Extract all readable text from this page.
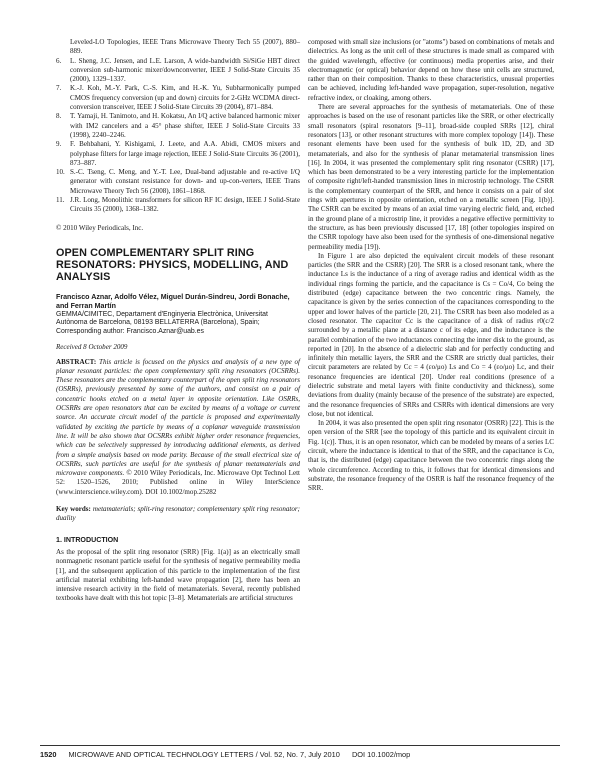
Leveled-LO Topologies, IEEE Trans Microwave Theory Tech 55 (2007), 880–889.
6. L. Sheng, J.C. Jensen, and L.E. Larson, A wide-bandwidth Si/SiGe HBT direct conversion sub-harmonic mixer/downconverter, IEEE J Solid-State Circuits 35 (2000), 1329–1337.
7. K.-J. Koh, M.-Y. Park, C.-S. Kim, and H.-K. Yu, Subharmonically pumped CMOS frequency conversion (up and down) circuits for 2-GHz WCDMA direct- conversion transceiver, IEEE J Solid-State Circuits 39 (2004), 871–884.
8. T. Yamaji, H. Tanimoto, and H. Kokatsu, An I/Q active balanced harmonic mixer with IM2 cancelers and a 45° phase shifter, IEEE J Solid-State Circuits 33 (1998), 2240–2246.
9. F. Behbahani, Y. Kishigami, J. Leete, and A.A. Abidi, CMOS mixers and polyphase filters for large image rejection, IEEE J Solid-State Circuits 36 (2001), 873–887.
10. S.-C. Tseng, C. Meng, and Y.-T. Lee, Dual-band adjustable and re-active I/Q generator with constant resistance for down- and up-con-verters, IEEE Trans Microwave Theory Tech 56 (2008), 1861–1868.
11. J.R. Long, Monolithic transformers for silicon RF IC design, IEEE J Solid-State Circuits 35 (2000), 1368–1382.

© 2010 Wiley Periodicals, Inc.

OPEN COMPLEMENTARY SPLIT RING RESONATORS: PHYSICS, MODELLING, AND ANALYSIS
Francisco Aznar, Adolfo Vélez, Miguel Durán-Sindreu, Jordi Bonache, and Ferran Martín
GEMMA/CIMITEC, Departament d'Enginyeria Electrònica, Universitat Autònoma de Barcelona, 08193 BELLATERRA (Barcelona), Spain; Corresponding author: Francisco.Aznar@uab.es
Received 8 October 2009

ABSTRACT: This article is focused on the physics and analysis of a new type of planar resonant particles: the open complementary split ring resonators (OCSRRs). These resonators are the complementary counterpart of the open split ring resonators (OSRRs), previously presented by some of the authors, and consist on a pair of concentric hooks etched on a metal layer in opposite orientation. Like OSRRs, OCSRRs are open resonators that can be excited by means of a voltage or current source. An accurate circuit model of the particle is proposed and experimentally validated by exciting the particle by means of a coplanar waveguide transmission line. It will be also shown that OCSRRs exhibit higher order resonance frequencies, which can be selectively suppressed by introducing additional elements, as derived from a simple analysis based on mode parity. Because of the small electrical size of OCSRRs, such particles are useful for the synthesis of planar metamaterials and microwave components. © 2010 Wiley Periodicals, Inc. Microwave Opt Technol Lett 52: 1520–1526, 2010; Published online in Wiley InterScience (www.interscience.wiley.com). DOI 10.1002/mop.25282

Key words: metamaterials; split-ring resonator; complementary split ring resonator; duality

1. INTRODUCTION

As the proposal of the split ring resonator (SRR) [Fig. 1(a)] as an electrically small nonmagnetic resonant particle useful for the synthesis of negative permeability media [1], and the subsequent application of this particle to the implementation of the first artificial material exhibiting left-handed wave propagation [2], there has been an intensive research activity in the field of metamaterials. Several, recently published textbooks have dealt with this hot topic [3–8]. Metamaterials are artificial structures

composed with small size inclusions (or "atoms") based on combinations of metals and dielectrics. As long as the unit cell of these structures is made small as compared with the guided wavelength, effective (or continuous) media properties arise, and their electromagnetic (or optical) behavior depend on how these unit cells are structured, rather than on their composition. Thanks to these characteristics, unusual properties can be achieved, including left-handed wave propagation, super-resolution, negative refractive index, or cloaking, among others.

There are several approaches for the synthesis of metamaterials. One of these approaches is based on the use of resonant particles like the SRR, or other electrically small resonators (spiral resonators [9–11], broad-side coupled SRRs [12], chiral resonators [13], or other resonant structures with more complex topology [14]). These resonant elements have been used for the synthesis of bulk 1D, 2D, and 3D metamaterials, and also for the synthesis of planar metamaterial transmission lines [16]. In 2004, it was presented the complementary split ring resonator (CSRR) [17], which has been demonstrated to be a very interesting particle for the implementation of composite right/left-handed transmission lines in microstrip technology. The CSRR is the complementary counterpart of the SRR, and hence it consists on a pair of slot rings with apertures in opposite orientation, etched on a metallic screen [Fig. 1(b)]. The CSRR can be excited by means of an axial time varying electric field, and, etched in the ground plane of a microstrip line, it provides a negative effective permittivity to the structure, as has been previously discussed [17, 18] (other topologies inspired on the CSRR topology have also been used for the synthesis of one-dimensional negative permeability media [19]).

In Figure 1 are also depicted the equivalent circuit models of these resonant particles (the SRR and the CSRR) [20]. The SRR is a closed resonant tank, where the inductance Ls is the inductance of a ring of average radius and identical width as the individual rings forming the particle, and the capacitance is Cs = Co/4, Co being the distributed (edge) capacitance between the two concentric rings. Namely, the capacitance is given by the series connection of the capacitances corresponding to the upper and lower halves of the particle [20, 21]. The CSRR has been also modeled as a closed resonator. The capacitor Cc is the capacitance of a disk of radius r0(c/2 surrounded by a metallic plane at a distance c of its edge, and the inductance is the parallel combination of the two inductances connecting the inner disk to the ground, as reported in [20]. In the absence of a dielectric slab and for perfectly conducting and infinitely thin metallic layers, the SRR and the CSRR are strictly dual particles, their circuit parameters are related by Cc = 4 (εo/μo) Ls and Co = 4 (εo/μo) Lc, and their resonance frequencies are identical [20]. Under real conditions (presence of a dielectric substrate and metal layers with finite conductivity and thickness), some deviations from duality (mainly because of the presence of the substrate) are expected, and the resonance frequencies of SRRs and CSRRs with identical dimensions are very close, but not identical.

In 2004, it was also presented the open split ring resonator (OSRR) [22]. This is the open version of the SRR [see the topology of this particle and its equivalent circuit in Fig. 1(c)]. Thus, it is an open resonator, which can be modeled by means of a series LC circuit, where the inductance is identical to that of the SRR, and the capacitance is Co, that is, the distributed (edge) capacitance between the two concentric rings along the whole circumference. According to this, it follows that for identical dimensions and substrate, the resonance frequency of the OSRR is half the resonance frequency of the SRR.

1520 MICROWAVE AND OPTICAL TECHNOLOGY LETTERS / Vol. 52, No. 7, July 2010 DOI 10.1002/mop
